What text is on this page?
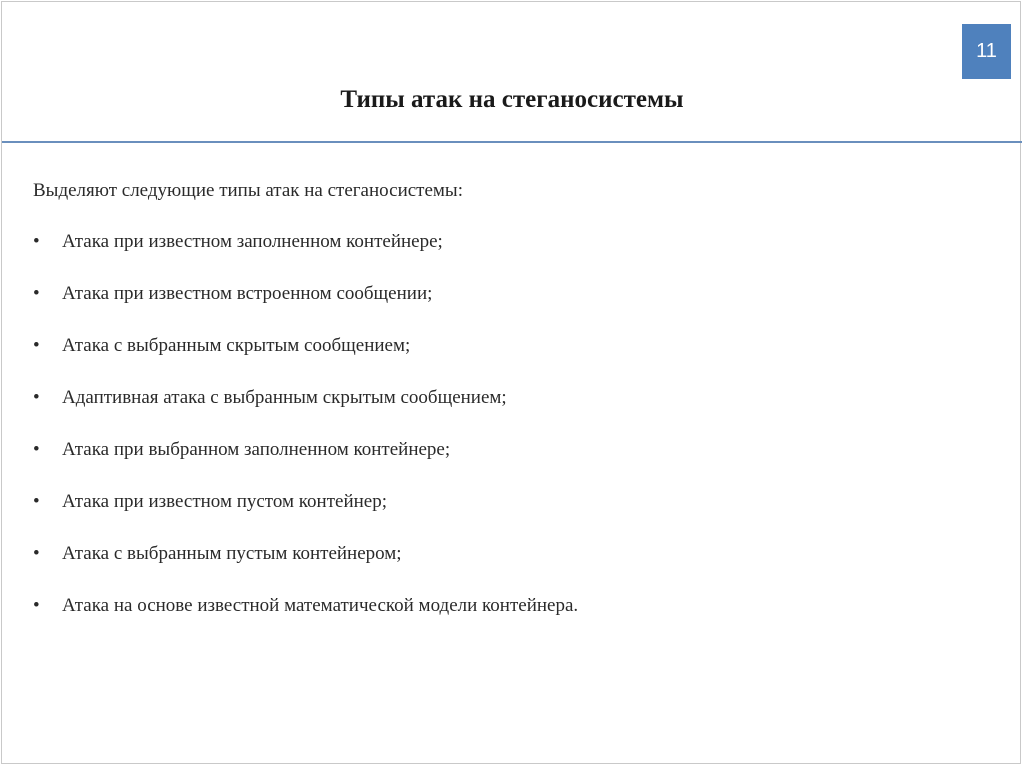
11
Типы атак на стеганосистемы
Выделяют следующие типы атак на стеганосистемы:
•	Атака при известном заполненном контейнере;
•	Атака при известном встроенном сообщении;
•	Атака с выбранным скрытым сообщением;
•	Адаптивная атака с выбранным скрытым сообщением;
•	Атака при выбранном заполненном контейнере;
•	Атака при известном пустом контейнер;
•	Атака с выбранным пустым контейнером;
•	Атака на основе известной математической модели контейнера.
